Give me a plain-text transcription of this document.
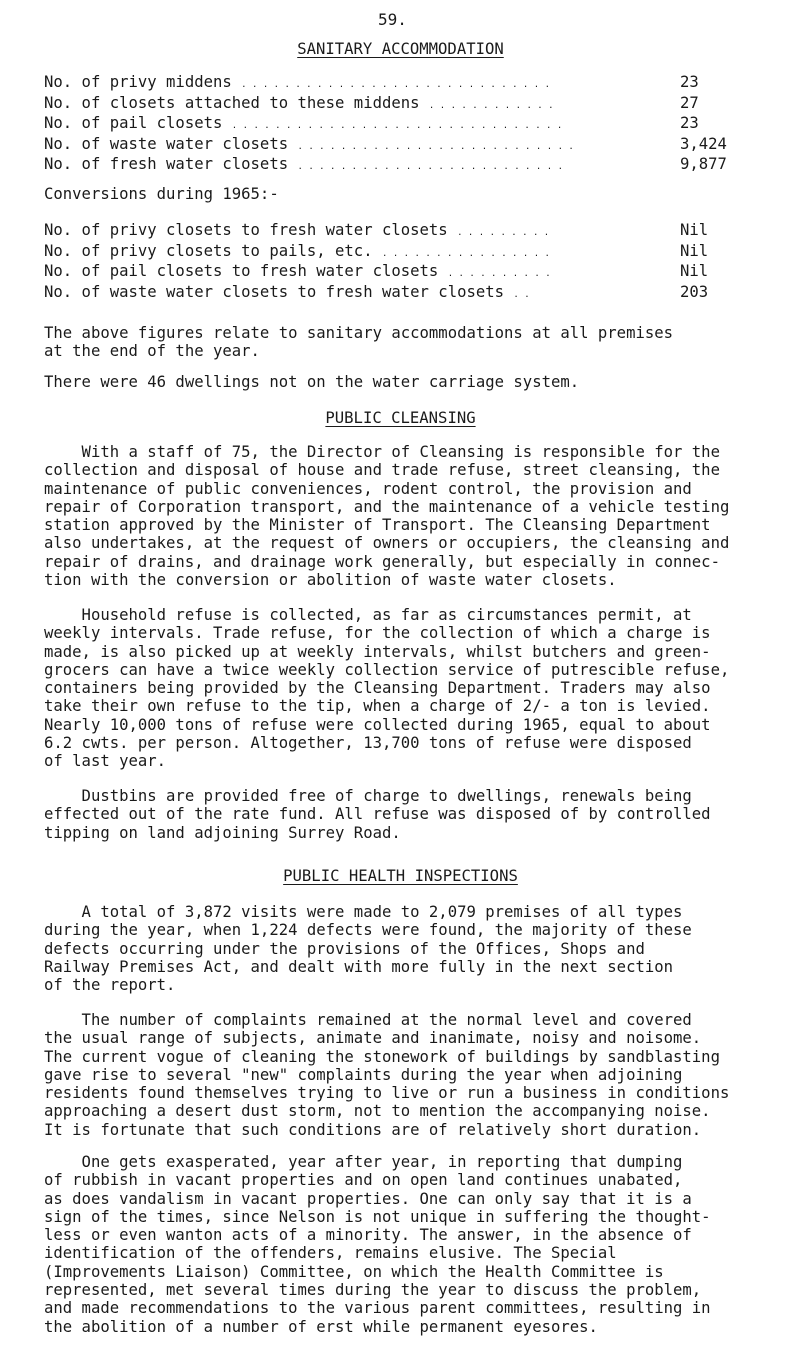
59.
SANITARY ACCOMMODATION
No. of privy middens . . . . . . . . . . . . . . . . . . . . . . . . . . . . .	23
No. of closets attached to these middens . . . . . . . . . . . .	27
No. of pail closets . . . . . . . . . . . . . . . . . . . . . . . . . . . . . . .	23
No. of waste water closets . . . . . . . . . . . . . . . . . . . . . . . . . .	3,424
No. of fresh water closets . . . . . . . . . . . . . . . . . . . . . . . . .	9,877
Conversions during 1965:-
No. of privy closets to fresh water closets . . . . . . . . .	Nil
No. of privy closets to pails, etc. . . . . . . . . . . . . . . . .	Nil
No. of pail closets to fresh water closets . . . . . . . . . .	Nil
No. of waste water closets to fresh water closets . .	203
The above figures relate to sanitary accommodations at all premises
at the end of the year.
There were 46 dwellings not on the water carriage system.
PUBLIC CLEANSING
With a staff of 75, the Director of Cleansing is responsible for the
collection and disposal of house and trade refuse, street cleansing, the
maintenance of public conveniences, rodent control, the provision and
repair of Corporation transport, and the maintenance of a vehicle testing
station approved by the Minister of Transport. The Cleansing Department
also undertakes, at the request of owners or occupiers, the cleansing and
repair of drains, and drainage work generally, but especially in connec-
tion with the conversion or abolition of waste water closets.
Household refuse is collected, as far as circumstances permit, at
weekly intervals. Trade refuse, for the collection of which a charge is
made, is also picked up at weekly intervals, whilst butchers and green-
grocers can have a twice weekly collection service of putrescible refuse,
containers being provided by the Cleansing Department. Traders may also
take their own refuse to the tip, when a charge of 2/- a ton is levied.
Nearly 10,000 tons of refuse were collected during 1965, equal to about
6.2 cwts. per person. Altogether, 13,700 tons of refuse were disposed
of last year.
Dustbins are provided free of charge to dwellings, renewals being
effected out of the rate fund. All refuse was disposed of by controlled
tipping on land adjoining Surrey Road.
PUBLIC HEALTH INSPECTIONS
A total of 3,872 visits were made to 2,079 premises of all types
during the year, when 1,224 defects were found, the majority of these
defects occurring under the provisions of the Offices, Shops and
Railway Premises Act, and dealt with more fully in the next section
of the report.
The number of complaints remained at the normal level and covered
the usual range of subjects, animate and inanimate, noisy and noisome.
The current vogue of cleaning the stonework of buildings by sandblasting
gave rise to several "new" complaints during the year when adjoining
residents found themselves trying to live or run a business in conditions
approaching a desert dust storm, not to mention the accompanying noise.
It is fortunate that such conditions are of relatively short duration.
One gets exasperated, year after year, in reporting that dumping
of rubbish in vacant properties and on open land continues unabated,
as does vandalism in vacant properties. One can only say that it is a
sign of the times, since Nelson is not unique in suffering the thought-
less or even wanton acts of a minority. The answer, in the absence of
identification of the offenders, remains elusive. The Special
(Improvements Liaison) Committee, on which the Health Committee is
represented, met several times during the year to discuss the problem,
and made recommendations to the various parent committees, resulting in
the abolition of a number of erst while permanent eyesores.
